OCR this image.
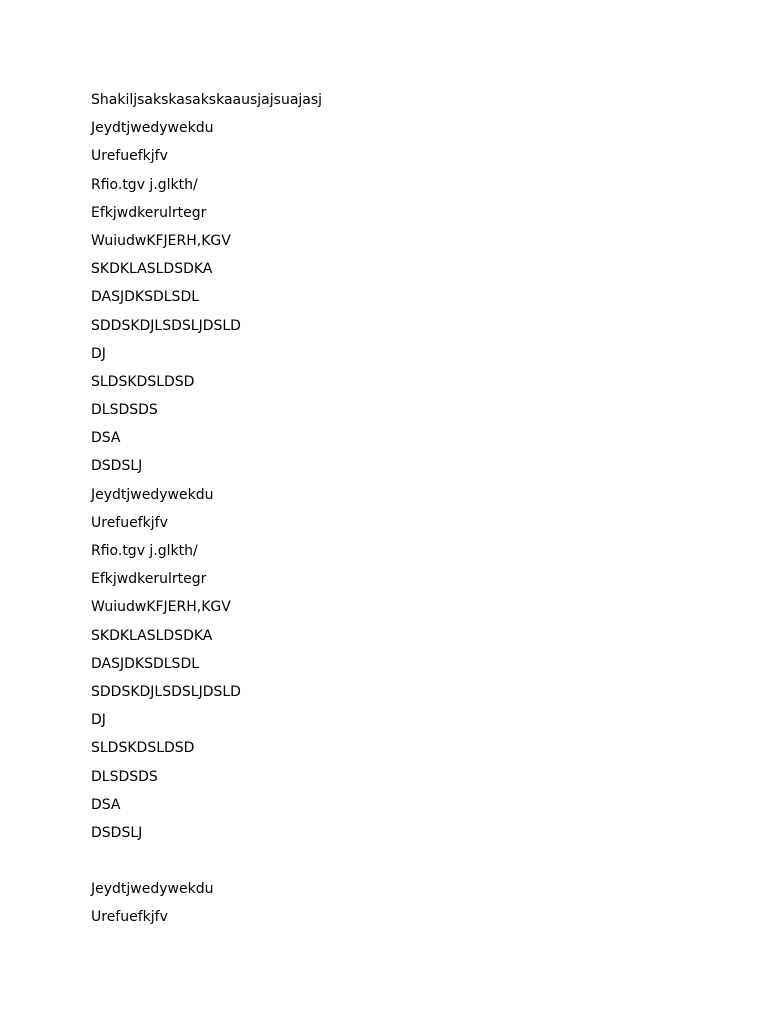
Shakiljsakskasakskaausjajsuajasj
Jeydtjwedywekdu
Urefuefkjfv
Rfio.tgv j.glkth/
Efkjwdkerulrtegr
WuiudwKFJERH,KGV
SKDKLASLDSDKA
DASJDKSDLSDL
SDDSKDJLSDSLJDSLD
DJ
SLDSKDSLDSD
DLSDSDS
DSA
DSDSLJ
Jeydtjwedywekdu
Urefuefkjfv
Rfio.tgv j.glkth/
Efkjwdkerulrtegr
WuiudwKFJERH,KGV
SKDKLASLDSDKA
DASJDKSDLSDL
SDDSKDJLSDSLJDSLD
DJ
SLDSKDSLDSD
DLSDSDS
DSA
DSDSLJ
Jeydtjwedywekdu
Urefuefkjfv
